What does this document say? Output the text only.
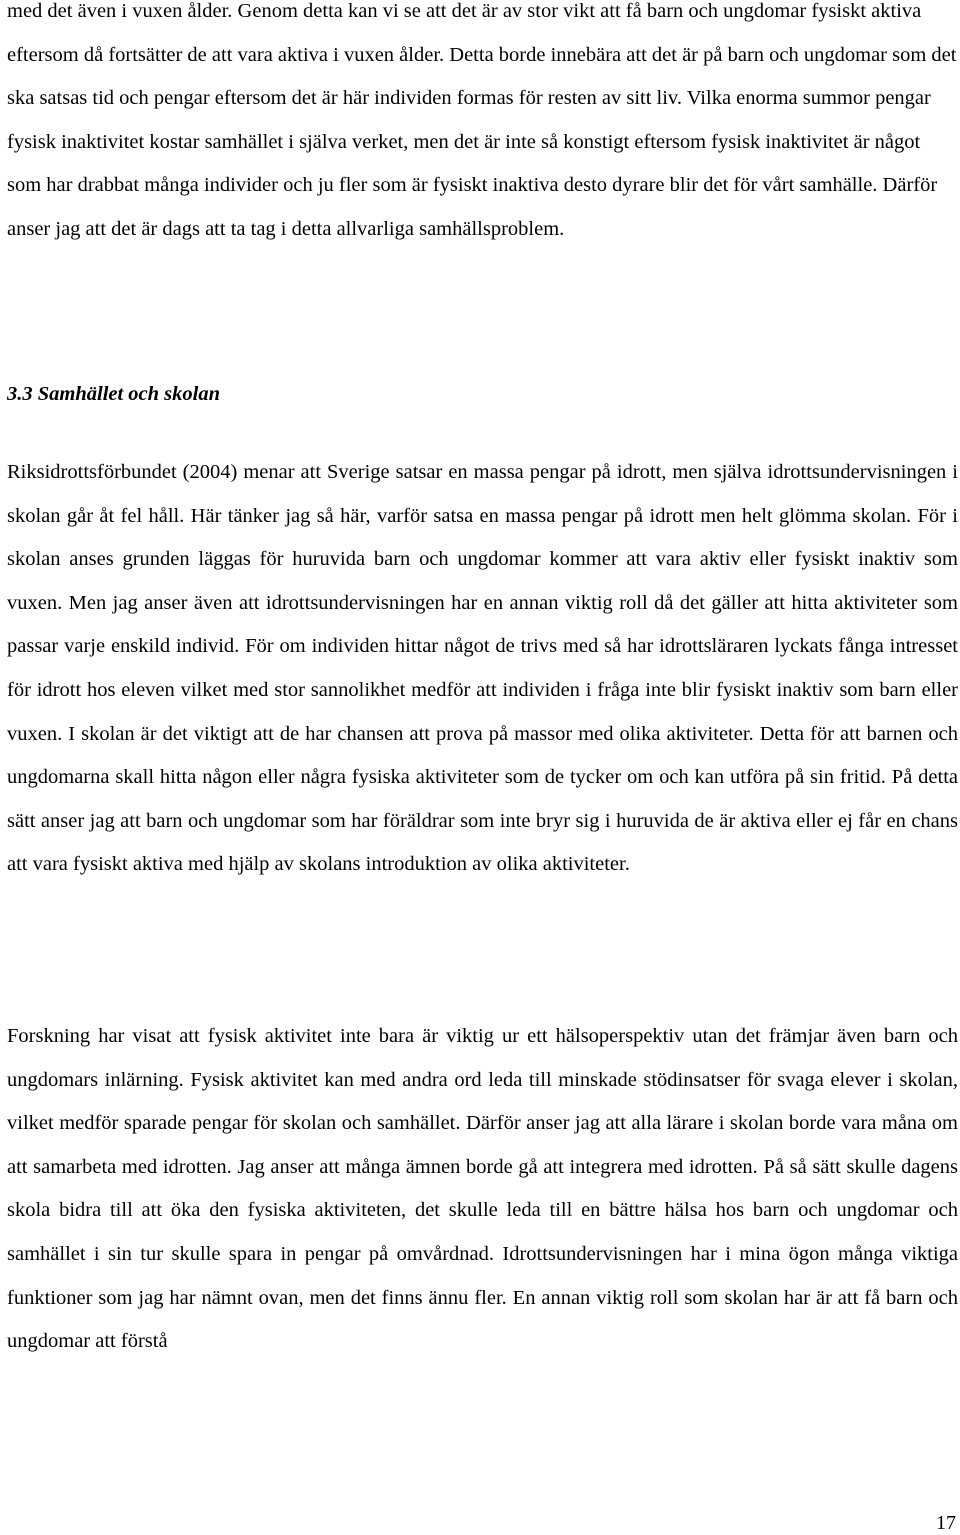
med det även i vuxen ålder. Genom detta kan vi se att det är av stor vikt att få barn och ungdomar fysiskt aktiva eftersom då fortsätter de att vara aktiva i vuxen ålder. Detta borde innebära att det är på barn och ungdomar som det ska satsas tid och pengar eftersom det är här individen formas för resten av sitt liv. Vilka enorma summor pengar fysisk inaktivitet kostar samhället i själva verket, men det är inte så konstigt eftersom fysisk inaktivitet är något som har drabbat många individer och ju fler som är fysiskt inaktiva desto dyrare blir det för vårt samhälle. Därför anser jag att det är dags att ta tag i detta allvarliga samhällsproblem.

3.3 Samhället och skolan

Riksidrottsförbundet (2004) menar att Sverige satsar en massa pengar på idrott, men själva idrottsundervisningen i skolan går åt fel håll. Här tänker jag så här, varför satsa en massa pengar på idrott men helt glömma skolan. För i skolan anses grunden läggas för huruvida barn och ungdomar kommer att vara aktiv eller fysiskt inaktiv som vuxen. Men jag anser även att idrottsundervisningen har en annan viktig roll då det gäller att hitta aktiviteter som passar varje enskild individ. För om individen hittar något de trivs med så har idrottsläraren lyckats fånga intresset för idrott hos eleven vilket med stor sannolikhet medför att individen i fråga inte blir fysiskt inaktiv som barn eller vuxen. I skolan är det viktigt att de har chansen att prova på massor med olika aktiviteter. Detta för att barnen och ungdomarna skall hitta någon eller några fysiska aktiviteter som de tycker om och kan utföra på sin fritid. På detta sätt anser jag att barn och ungdomar som har föräldrar som inte bryr sig i huruvida de är aktiva eller ej får en chans att vara fysiskt aktiva med hjälp av skolans introduktion av olika aktiviteter.

Forskning har visat att fysisk aktivitet inte bara är viktig ur ett hälsoperspektiv utan det främjar även barn och ungdomars inlärning. Fysisk aktivitet kan med andra ord leda till minskade stödinsatser för svaga elever i skolan, vilket medför sparade pengar för skolan och samhället. Därför anser jag att alla lärare i skolan borde vara måna om att samarbeta med idrotten. Jag anser att många ämnen borde gå att integrera med idrotten. På så sätt skulle dagens skola bidra till att öka den fysiska aktiviteten, det skulle leda till en bättre hälsa hos barn och ungdomar och samhället i sin tur skulle spara in pengar på omvårdnad. Idrottsundervisningen har i mina ögon många viktiga funktioner som jag har nämnt ovan, men det finns ännu fler. En annan viktig roll som skolan har är att få barn och ungdomar att förstå

17
